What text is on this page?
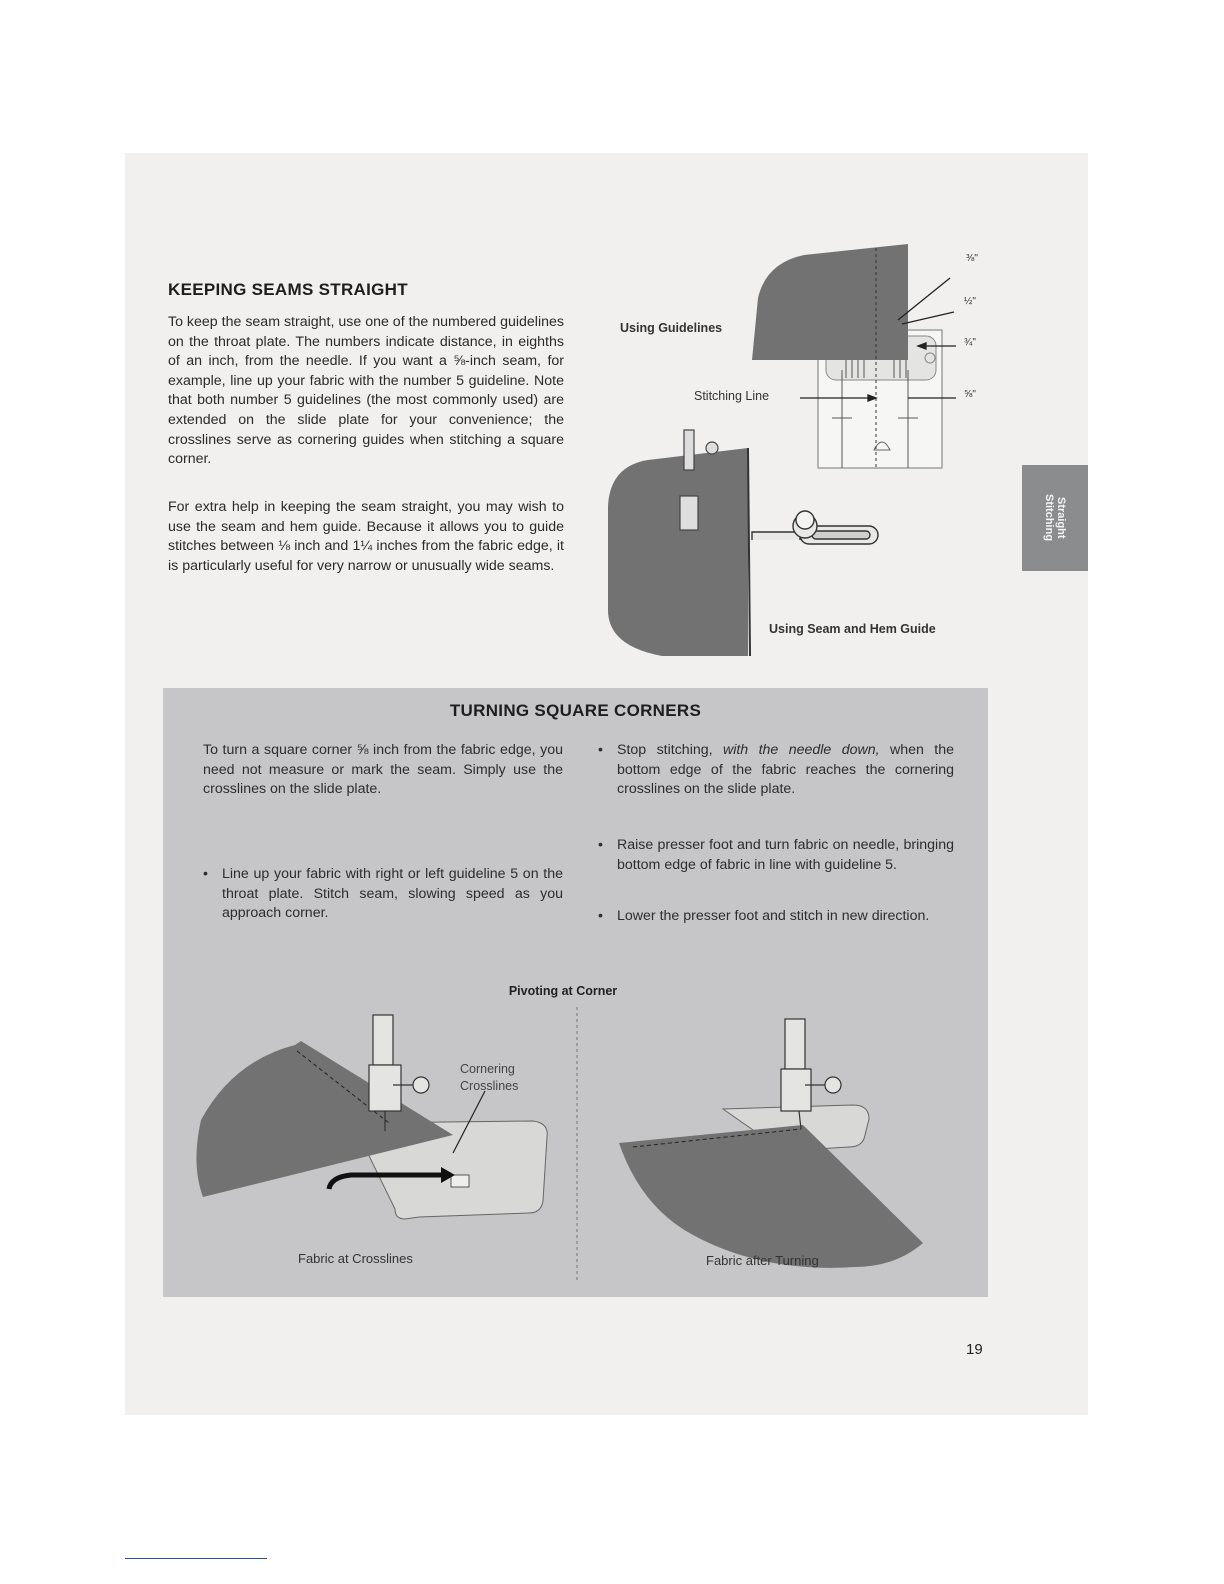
Straight
Stitching
KEEPING SEAMS STRAIGHT

To keep the seam straight, use one of the numbered guidelines on the throat plate. The numbers indicate distance, in eighths of an inch, from the needle. If you want a ⅝-inch seam, for example, line up your fabric with the number 5 guideline. Note that both number 5 guidelines (the most commonly used) are extended on the slide plate for your convenience; the crosslines serve as cornering guides when stitching a square corner.

For extra help in keeping the seam straight, you may wish to use the seam and hem guide. Because it allows you to guide stitches between ⅛ inch and 1¼ inches from the fabric edge, it is particularly useful for very narrow or unusually wide seams.

Using Guidelines
Stitching Line
Using Seam and Hem Guide
⅜"
½"
¾"
⅝"
TURNING SQUARE CORNERS

To turn a square corner ⅝ inch from the fabric edge, you need not measure or mark the seam. Simply use the crosslines on the slide plate.

• Line up your fabric with right or left guideline 5 on the throat plate. Stitch seam, slowing speed as you approach corner.
• Stop stitching, with the needle down, when the bottom edge of the fabric reaches the cornering crosslines on the slide plate.
• Raise presser foot and turn fabric on needle, bringing bottom edge of fabric in line with guideline 5.
• Lower the presser foot and stitch in new direction.
Pivoting at Corner
Cornering
Crosslines
Fabric at Crosslines	Fabric after Turning
19
